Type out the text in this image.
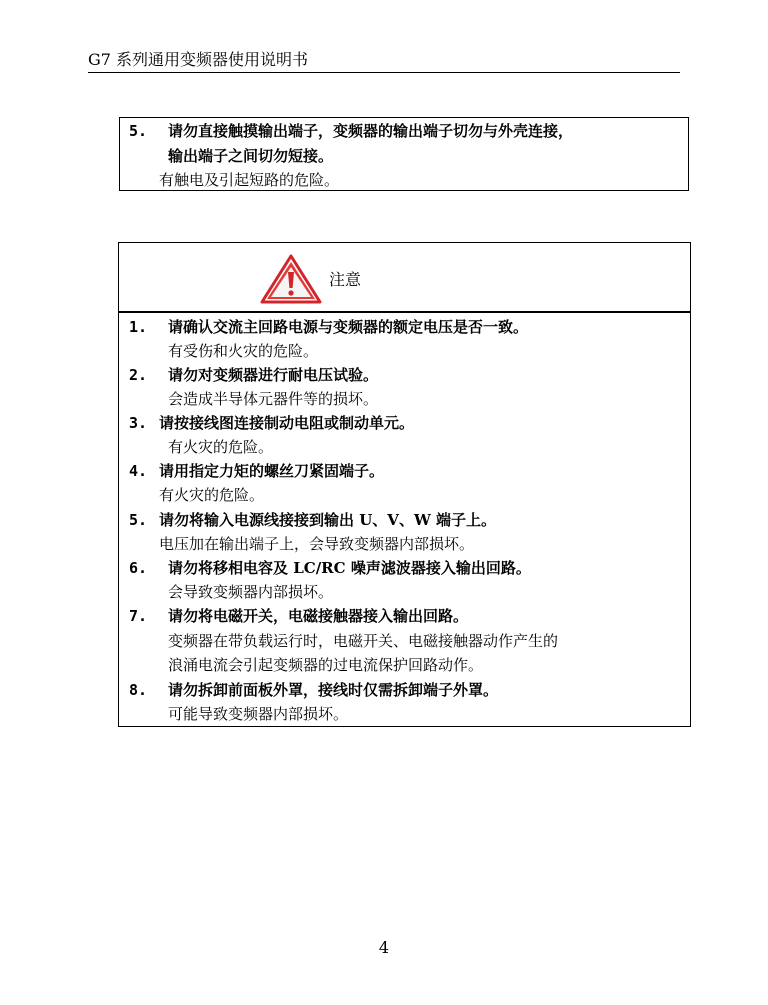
G7 系列通用变频器使用说明书
5. 请勿直接触摸输出端子，变频器的输出端子切勿与外壳连接，
输出端子之间切勿短接。
有触电及引起短路的危险。
注意
1. 请确认交流主回路电源与变频器的额定电压是否一致。
有受伤和火灾的危险。
2. 请勿对变频器进行耐电压试验。
会造成半导体元器件等的损坏。
3. 请按接线图连接制动电阻或制动单元。
有火灾的危险。
4. 请用指定力矩的螺丝刀紧固端子。
有火灾的危险。
5. 请勿将输入电源线接接到输出 U、V、W 端子上。
电压加在输出端子上，会导致变频器内部损坏。
6. 请勿将移相电容及 LC/RC 噪声滤波器接入输出回路。
会导致变频器内部损坏。
7. 请勿将电磁开关，电磁接触器接入输出回路。
变频器在带负载运行时，电磁开关、电磁接触器动作产生的
浪涌电流会引起变频器的过电流保护回路动作。
8. 请勿拆卸前面板外罩，接线时仅需拆卸端子外罩。
可能导致变频器内部损坏。
4
